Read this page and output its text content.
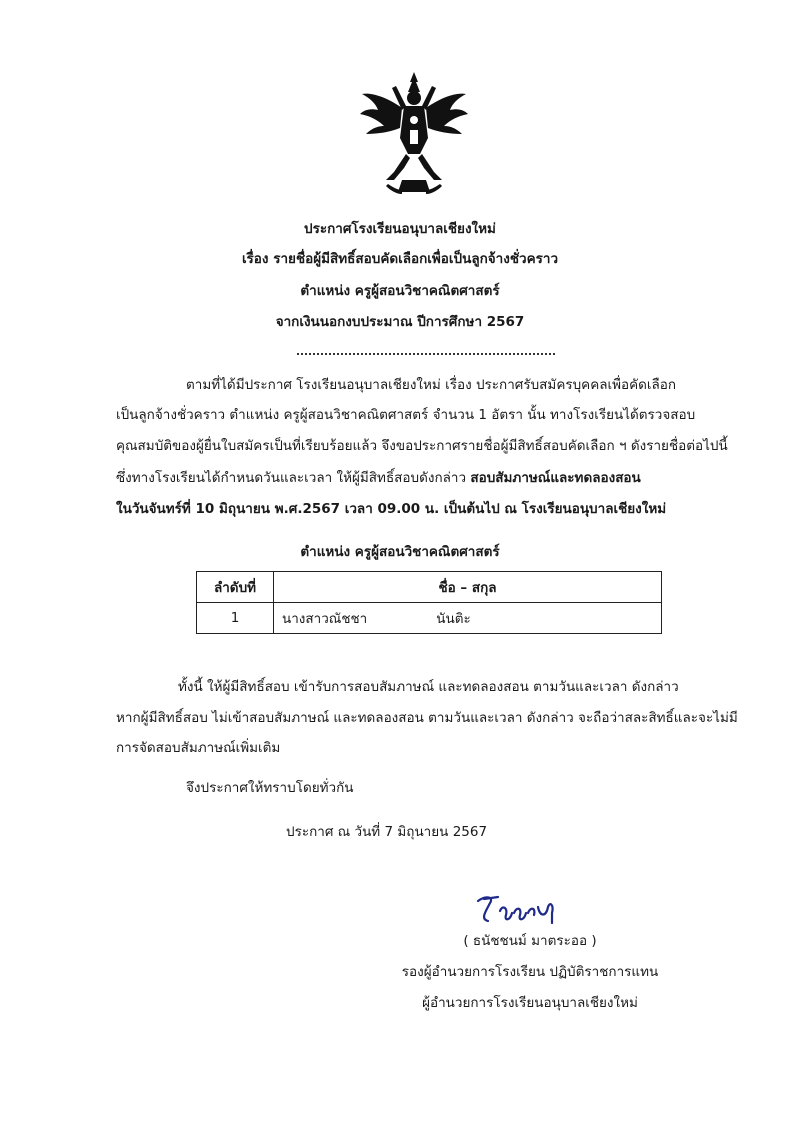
ประกาศโรงเรียนอนุบาลเชียงใหม่
เรื่อง รายชื่อผู้มีสิทธิ์สอบคัดเลือกเพื่อเป็นลูกจ้างชั่วคราว
ตำแหน่ง ครูผู้สอนวิชาคณิตศาสตร์
จากเงินนอกงบประมาณ ปีการศึกษา 2567
ตามที่ได้มีประกาศ โรงเรียนอนุบาลเชียงใหม่ เรื่อง ประกาศรับสมัครบุคคลเพื่อคัดเลือก
เป็นลูกจ้างชั่วคราว ตำแหน่ง ครูผู้สอนวิชาคณิตศาสตร์ จำนวน 1 อัตรา นั้น ทางโรงเรียนได้ตรวจสอบ
คุณสมบัติของผู้ยื่นใบสมัครเป็นที่เรียบร้อยแล้ว จึงขอประกาศรายชื่อผู้มีสิทธิ์สอบคัดเลือก ฯ ดังรายชื่อต่อไปนี้
ซึ่งทางโรงเรียนได้กำหนดวันและเวลา ให้ผู้มีสิทธิ์สอบดังกล่าว สอบสัมภาษณ์และทดลองสอน
ในวันจันทร์ที่ 10 มิถุนายน พ.ศ.2567 เวลา 09.00 น. เป็นต้นไป ณ โรงเรียนอนุบาลเชียงใหม่
ตำแหน่ง ครูผู้สอนวิชาคณิตศาสตร์
ลำดับที่	ชื่อ – สกุล
1	นางสาวณัชชา นันติะ
ทั้งนี้ ให้ผู้มีสิทธิ์สอบ เข้ารับการสอบสัมภาษณ์ และทดลองสอน ตามวันและเวลา ดังกล่าว
หากผู้มีสิทธิ์สอบ ไม่เข้าสอบสัมภาษณ์ และทดลองสอน ตามวันและเวลา ดังกล่าว จะถือว่าสละสิทธิ์และจะไม่มี
การจัดสอบสัมภาษณ์เพิ่มเติม
จึงประกาศให้ทราบโดยทั่วกัน
ประกาศ ณ วันที่ 7 มิถุนายน 2567
( ธนัชชนม์ มาตระออ )
รองผู้อำนวยการโรงเรียน ปฏิบัติราชการแทน
ผู้อำนวยการโรงเรียนอนุบาลเชียงใหม่
